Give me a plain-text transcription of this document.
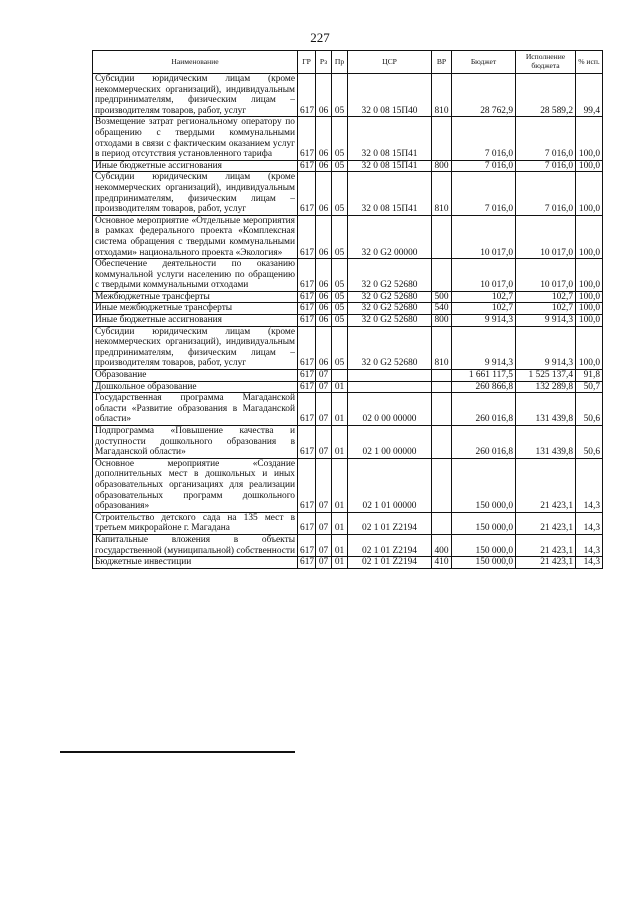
227
Наименование	ГР	Рз	Пр	ЦСР	ВР	Бюджет	Исполнение бюджета	% исп.
Субсидии юридическим лицам (кроме некоммерческих организаций), индивидуальным предпринимателям, физическим лицам – производителям товаров, работ, услуг	617	06	05	32 0 08 15П40	810	28 762,9	28 589,2	99,4
Возмещение затрат региональному оператору по обращению с твердыми коммунальными отходами в связи с фактическим оказанием услуг в период отсутствия установленного тарифа	617	06	05	32 0 08 15П41		7 016,0	7 016,0	100,0
Иные бюджетные ассигнования	617	06	05	32 0 08 15П41	800	7 016,0	7 016,0	100,0
Субсидии юридическим лицам (кроме некоммерческих организаций), индивидуальным предпринимателям, физическим лицам – производителям товаров, работ, услуг	617	06	05	32 0 08 15П41	810	7 016,0	7 016,0	100,0
Основное мероприятие «Отдельные мероприятия в рамках федерального проекта «Комплексная система обращения с твердыми коммунальными отходами» национального проекта «Экология»	617	06	05	32 0 G2 00000		10 017,0	10 017,0	100,0
Обеспечение деятельности по оказанию коммунальной услуги населению по обращению с твердыми коммунальными отходами	617	06	05	32 0 G2 52680		10 017,0	10 017,0	100,0
Межбюджетные трансферты	617	06	05	32 0 G2 52680	500	102,7	102,7	100,0
Иные межбюджетные трансферты	617	06	05	32 0 G2 52680	540	102,7	102,7	100,0
Иные бюджетные ассигнования	617	06	05	32 0 G2 52680	800	9 914,3	9 914,3	100,0
Субсидии юридическим лицам (кроме некоммерческих организаций), индивидуальным предпринимателям, физическим лицам – производителям товаров, работ, услуг	617	06	05	32 0 G2 52680	810	9 914,3	9 914,3	100,0
Образование	617	07				1 661 117,5	1 525 137,4	91,8
Дошкольное образование	617	07	01			260 866,8	132 289,8	50,7
Государственная программа Магаданской области «Развитие образования в Магаданской области»	617	07	01	02 0 00 00000		260 016,8	131 439,8	50,6
Подпрограмма «Повышение качества и доступности дошкольного образования в Магаданской области»	617	07	01	02 1 00 00000		260 016,8	131 439,8	50,6
Основное мероприятие «Создание дополнительных мест в дошкольных и иных образовательных организациях для реализации образовательных программ дошкольного образования»	617	07	01	02 1 01 00000		150 000,0	21 423,1	14,3
Строительство детского сада на 135 мест в третьем микрорайоне г. Магадана	617	07	01	02 1 01 Z2194		150 000,0	21 423,1	14,3
Капитальные вложения в объекты государственной (муниципальной) собственности	617	07	01	02 1 01 Z2194	400	150 000,0	21 423,1	14,3
Бюджетные инвестиции	617	07	01	02 1 01 Z2194	410	150 000,0	21 423,1	14,3
